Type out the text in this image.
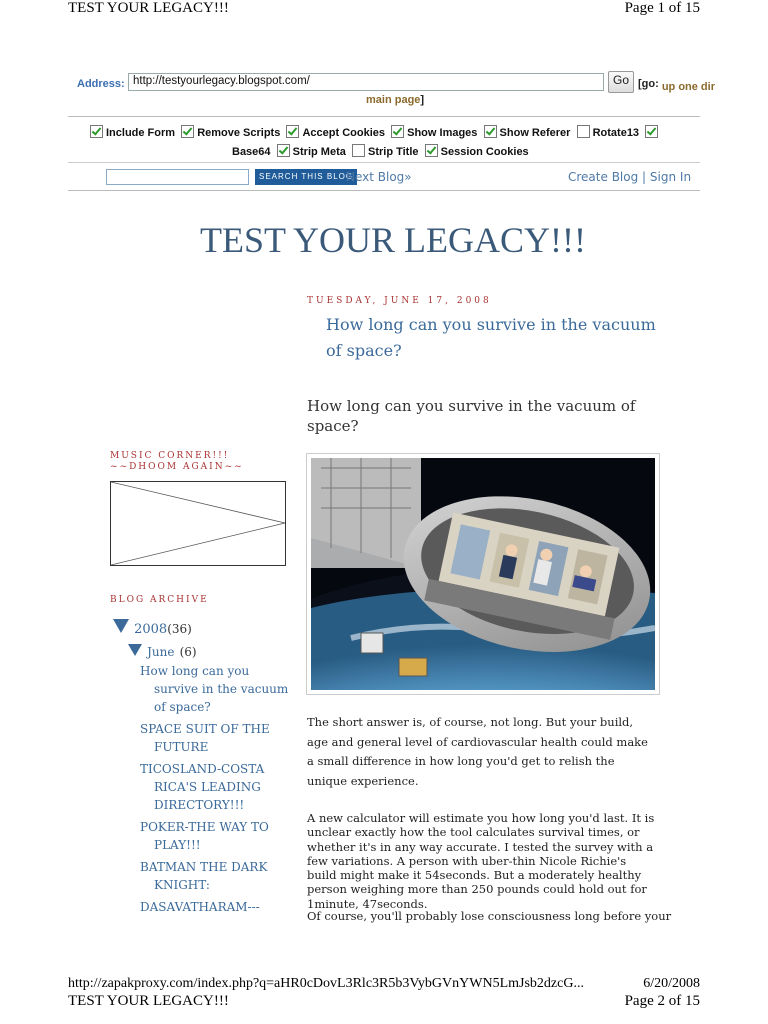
TEST YOUR LEGACY!!!	Page 1 of 15
Address: http://testyourlegacy.blogspot.com/	Go [go: up one dir
main page]
Include Form Remove Scripts Accept Cookies Show Images Show Referer Rotate13
Base64 Strip Meta Strip Title Session Cookies
SEARCH THIS BLOG
Next Blog»	Create Blog | Sign In
TEST YOUR LEGACY!!!
TUESDAY, JUNE 17, 2008
How long can you survive in the vacuum of space?
How long can you survive in the vacuum of space?
MUSIC CORNER!!!
~~DHOOM AGAIN~~
BLOG ARCHIVE
2008(36)
June (6)
How long can you survive in the vacuum of space?
SPACE SUIT OF THE FUTURE
TICOSLAND-COSTA RICA'S LEADING DIRECTORY!!!
POKER-THE WAY TO PLAY!!!
BATMAN THE DARK KNIGHT:
DASAVATHARAM---
The short answer is, of course, not long. But your build, age and general level of cardiovascular health could make a small difference in how long you'd get to relish the unique experience.
A new calculator will estimate you how long you'd last. It is unclear exactly how the tool calculates survival times, or whether it's in any way accurate. I tested the survey with a few variations. A person with uber-thin Nicole Richie's build might make it 54seconds. But a moderately healthy person weighing more than 250 pounds could hold out for 1minute, 47seconds.
Of course, you'll probably lose consciousness long before your
http://zapakproxy.com/index.php?q=aHR0cDovL3Rlc3R5b3VybGVnYWN5LmJsb2dzcG...	6/20/2008
TEST YOUR LEGACY!!!	Page 2 of 15
